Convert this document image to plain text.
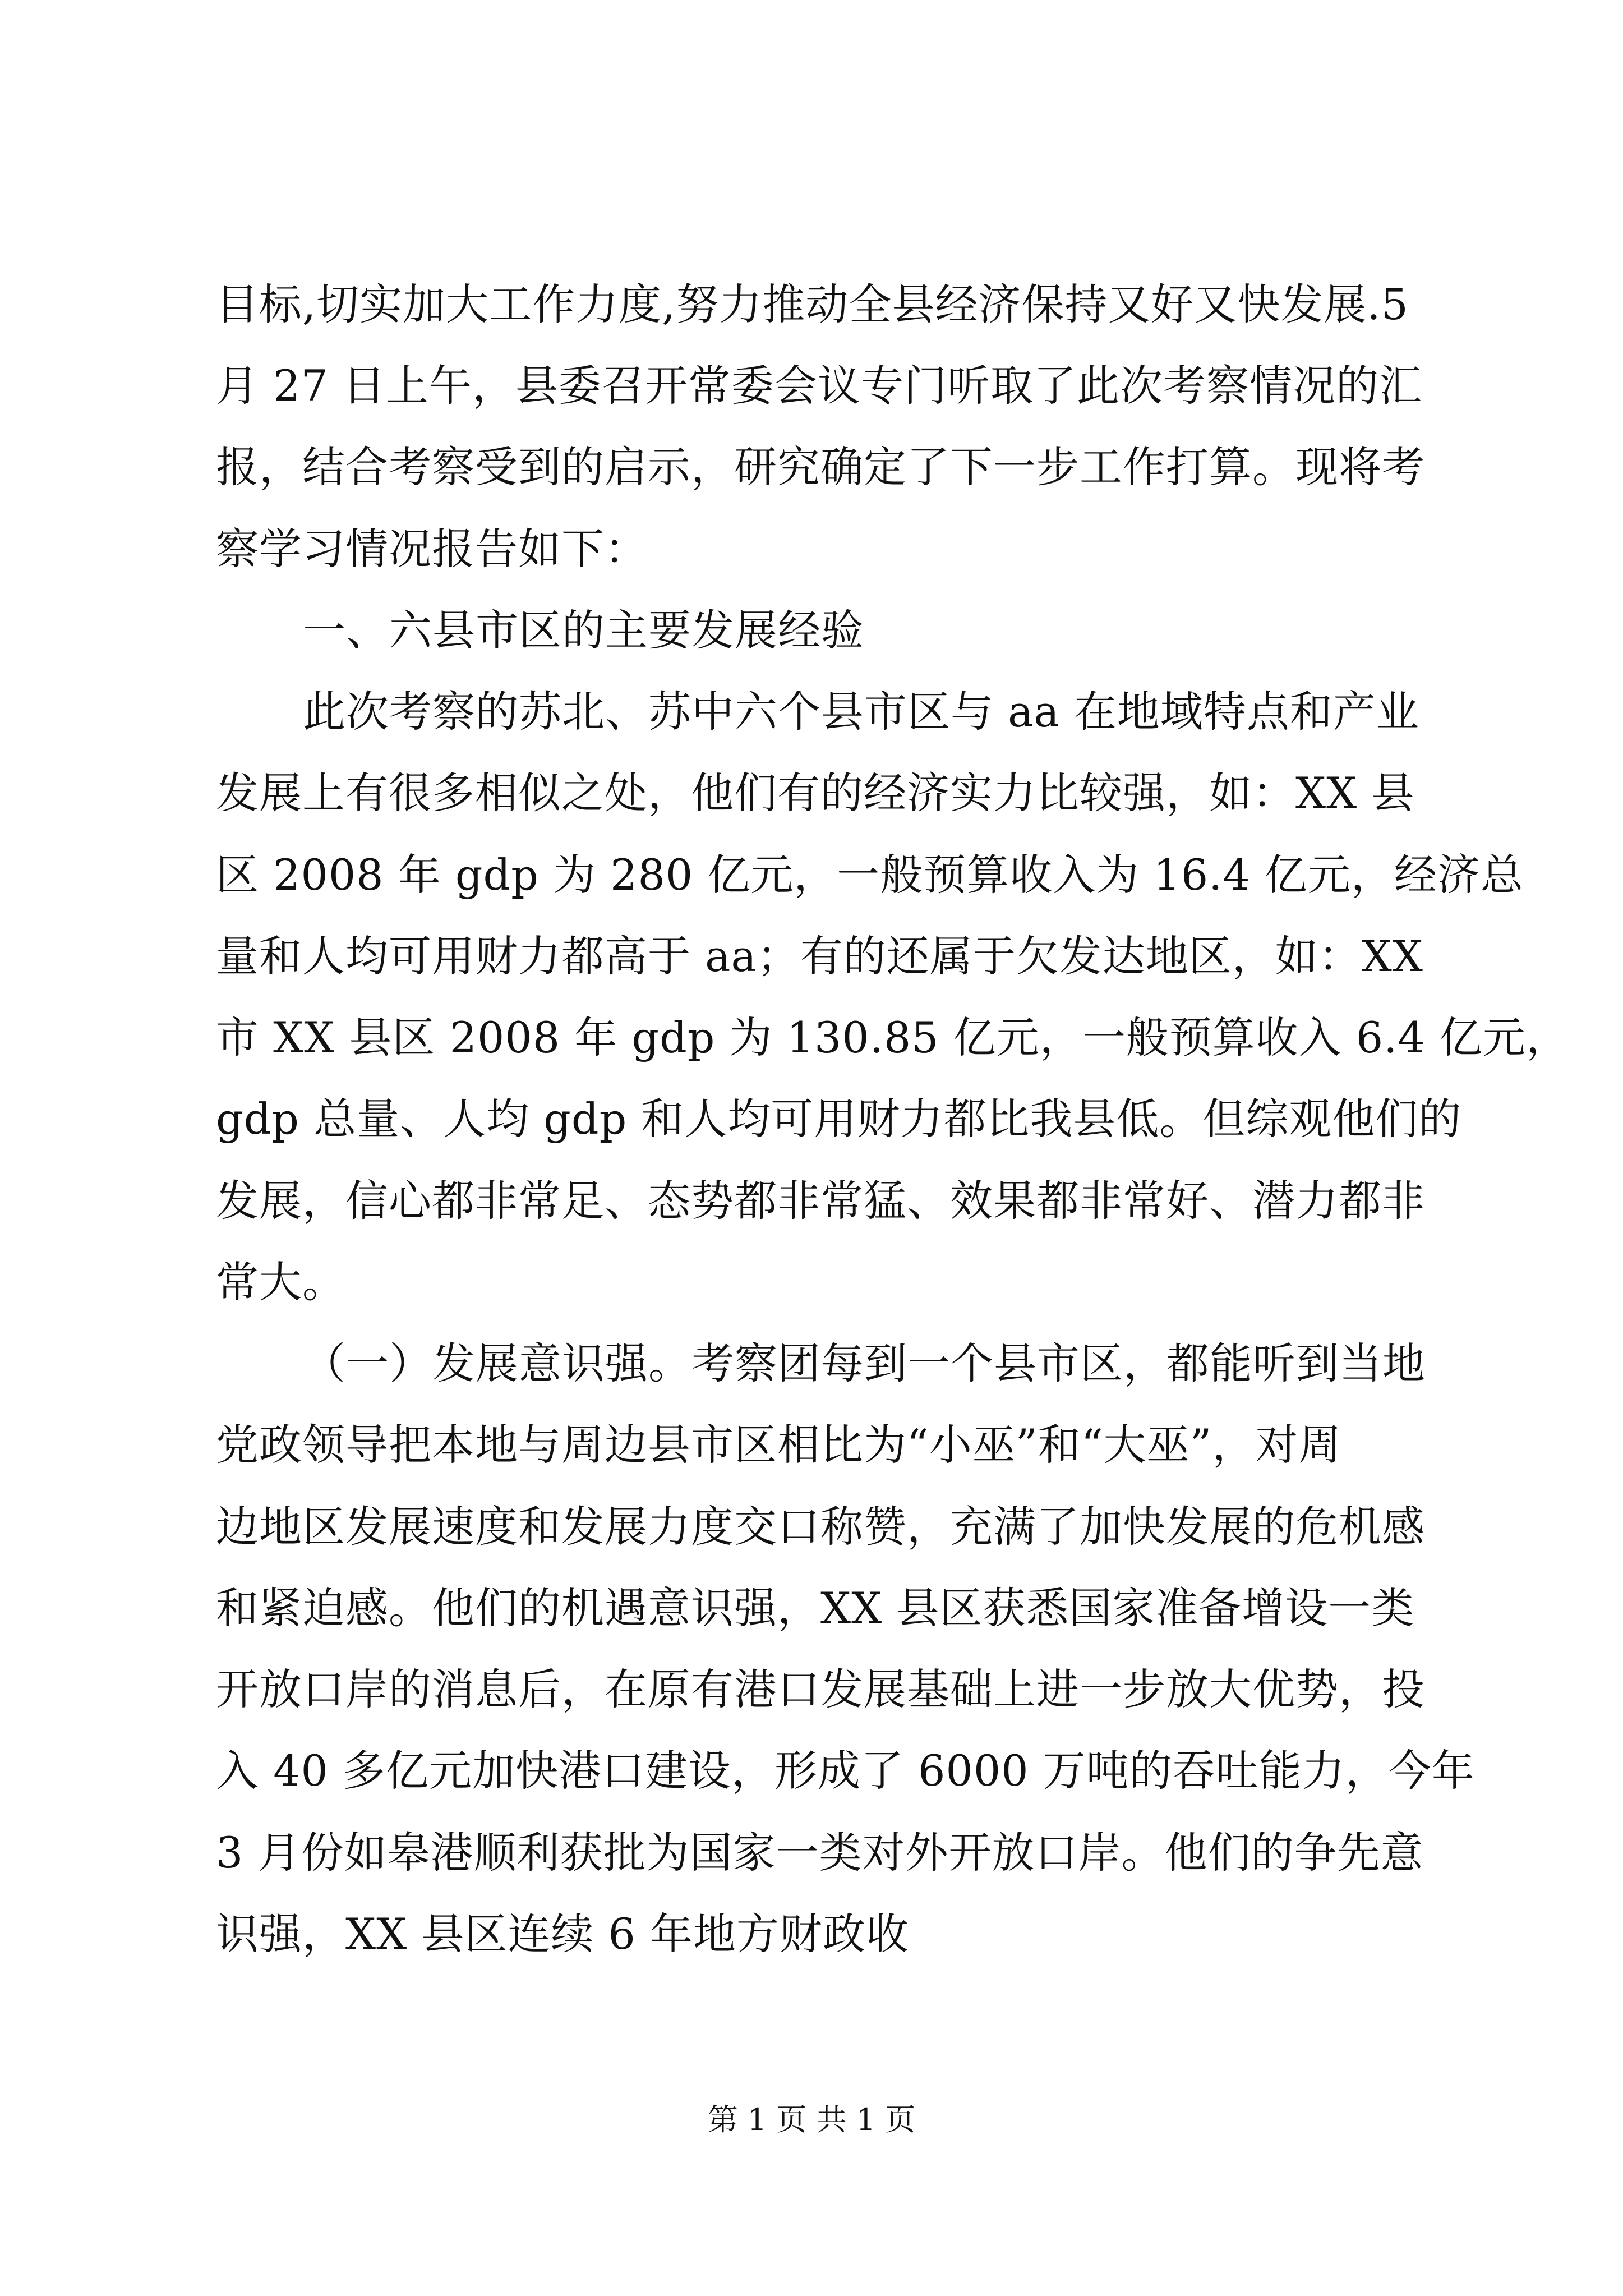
目标,切实加大工作力度,努力推动全县经济保持又好又快发展.5
月 27 日上午，县委召开常委会议专门听取了此次考察情况的汇
报，结合考察受到的启示，研究确定了下一步工作打算。现将考
察学习情况报告如下：
一、六县市区的主要发展经验
此次考察的苏北、苏中六个县市区与 aa 在地域特点和产业
发展上有很多相似之处，他们有的经济实力比较强，如：XX 县
区 2008 年 gdp 为 280 亿元，一般预算收入为 16.4 亿元，经济总
量和人均可用财力都高于 aa；有的还属于欠发达地区，如：XX
市 XX 县区 2008 年 gdp 为 130.85 亿元，一般预算收入 6.4 亿元，
gdp 总量、人均 gdp 和人均可用财力都比我县低。但综观他们的
发展，信心都非常足、态势都非常猛、效果都非常好、潜力都非
常大。
（一）发展意识强。考察团每到一个县市区，都能听到当地
党政领导把本地与周边县市区相比为“小巫”和“大巫”，对周
边地区发展速度和发展力度交口称赞，充满了加快发展的危机感
和紧迫感。他们的机遇意识强，XX 县区获悉国家准备增设一类
开放口岸的消息后，在原有港口发展基础上进一步放大优势，投
入 40 多亿元加快港口建设，形成了 6000 万吨的吞吐能力，今年
3 月份如皋港顺利获批为国家一类对外开放口岸。他们的争先意
识强，XX 县区连续 6 年地方财政收
第 1 页 共 1 页
